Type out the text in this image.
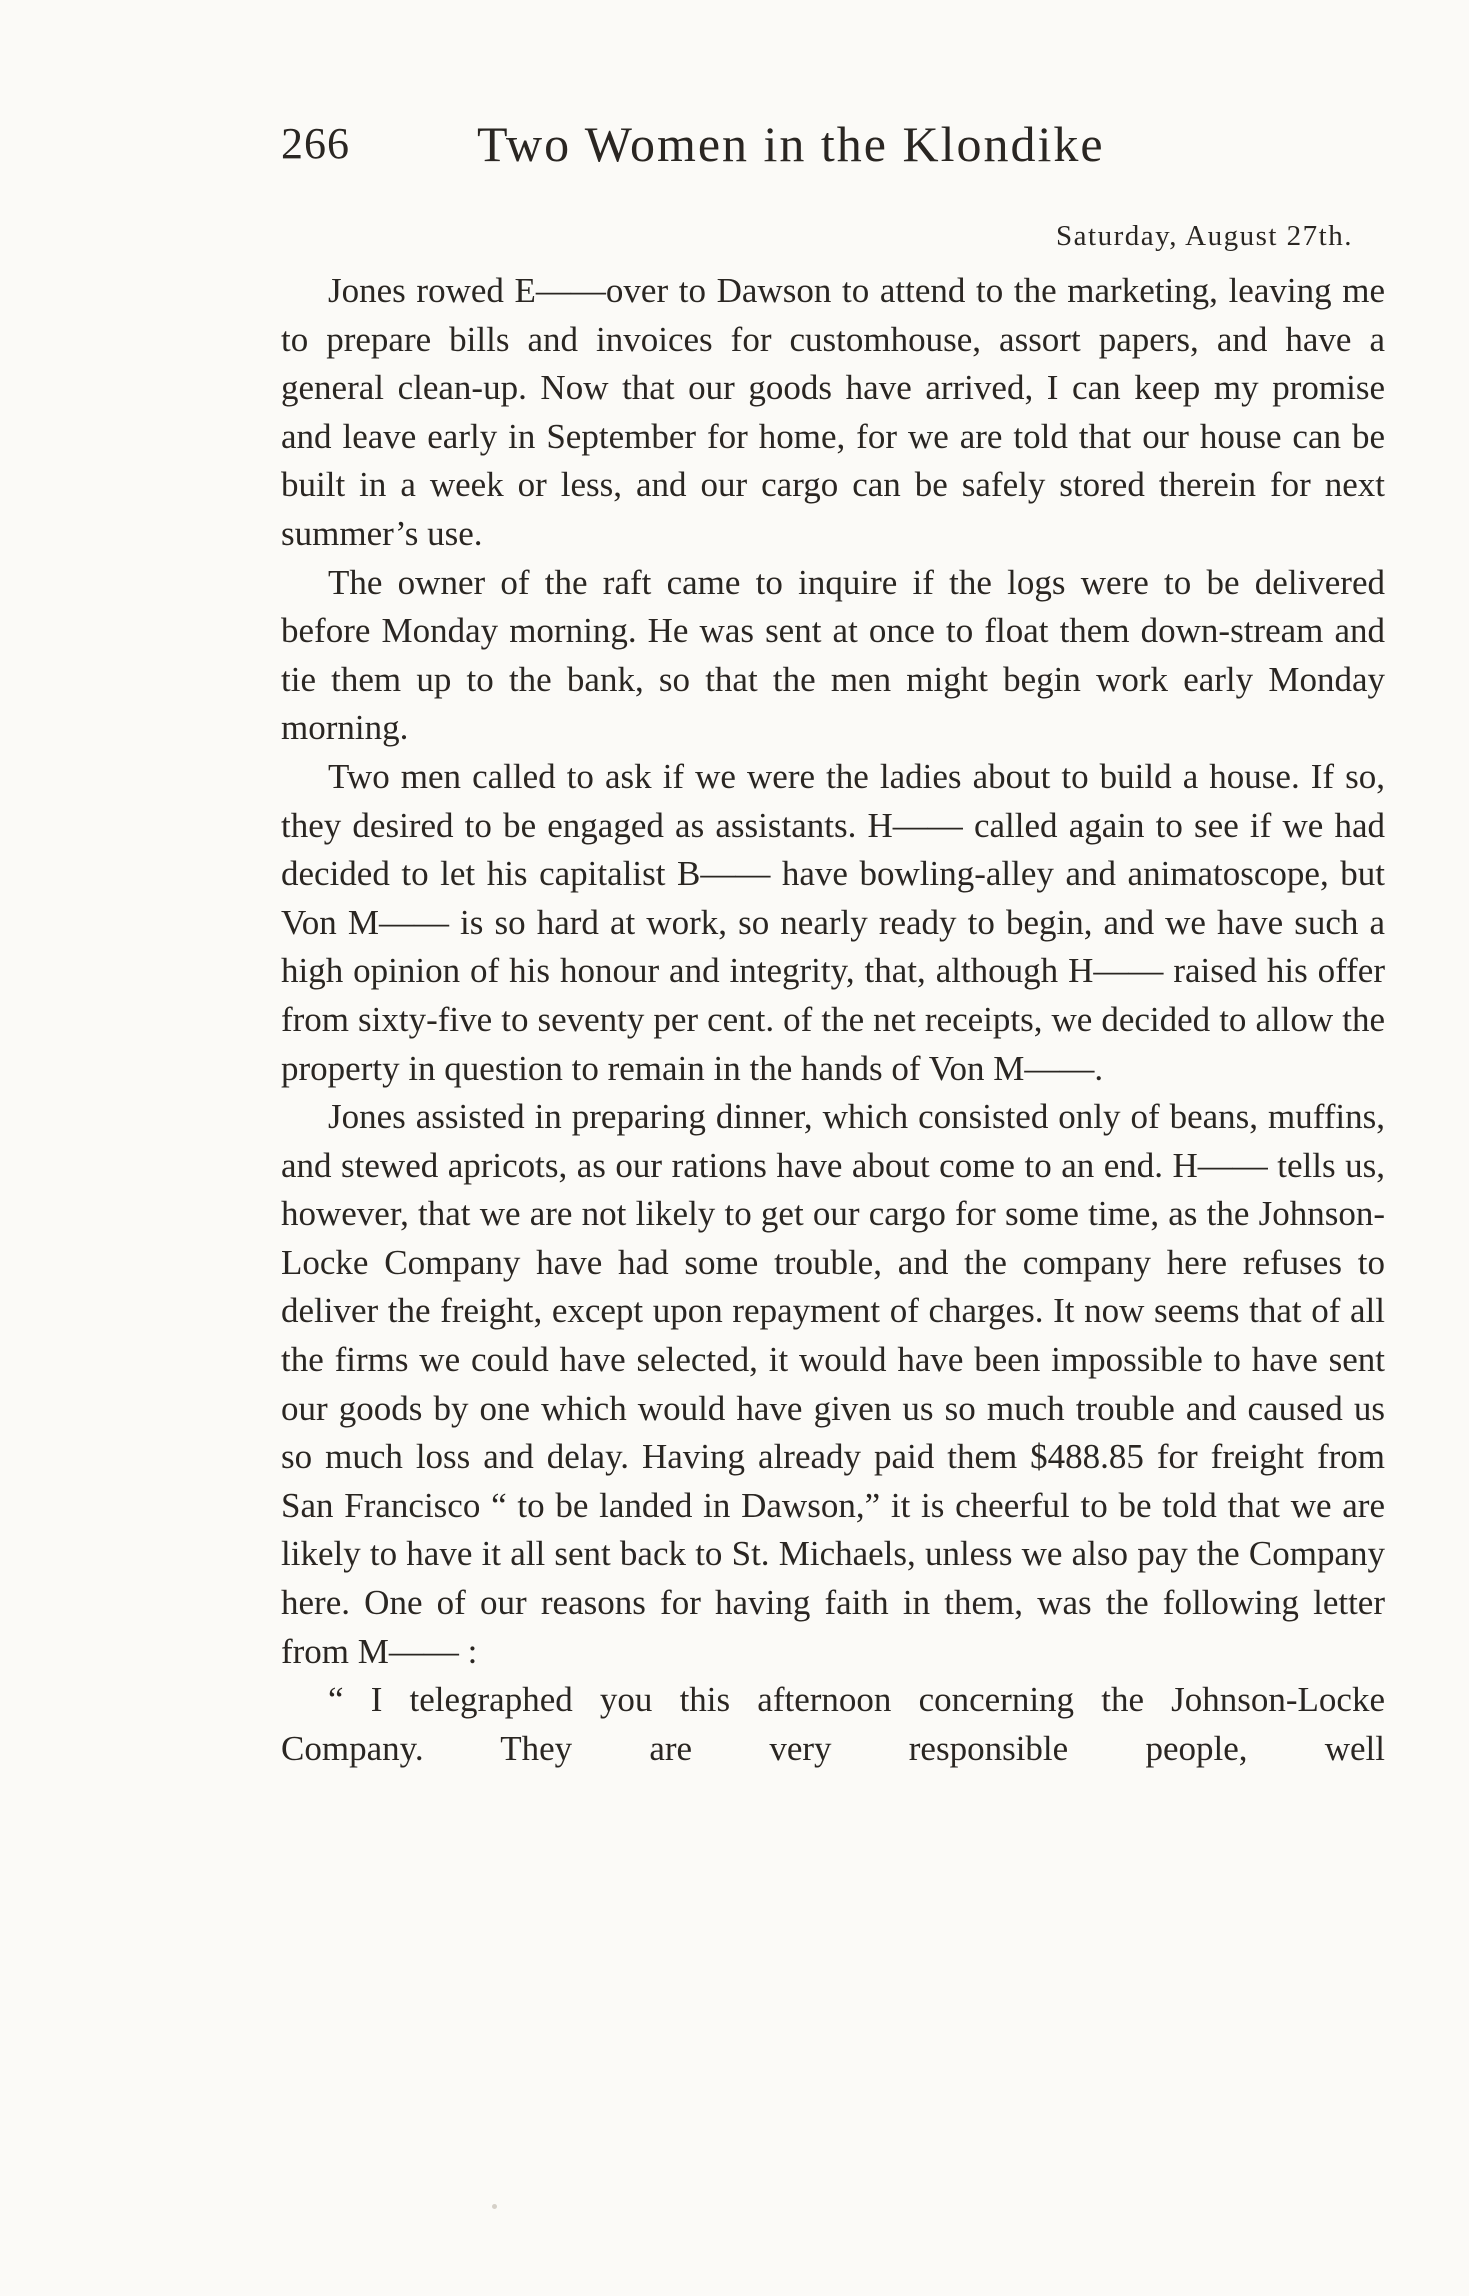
266	Two Women in the Klondike
Saturday, August 27th.

Jones rowed E——over to Dawson to attend to the marketing, leaving me to prepare bills and invoices for customhouse, assort papers, and have a general clean-up. Now that our goods have arrived, I can keep my promise and leave early in September for home, for we are told that our house can be built in a week or less, and our cargo can be safely stored therein for next summer’s use.

The owner of the raft came to inquire if the logs were to be delivered before Monday morning. He was sent at once to float them down-stream and tie them up to the bank, so that the men might begin work early Monday morning.

Two men called to ask if we were the ladies about to build a house. If so, they desired to be engaged as assistants. H—— called again to see if we had decided to let his capitalist B—— have bowling-alley and animatoscope, but Von M—— is so hard at work, so nearly ready to begin, and we have such a high opinion of his honour and integrity, that, although H—— raised his offer from sixty-five to seventy per cent. of the net receipts, we decided to allow the property in question to remain in the hands of Von M——.

Jones assisted in preparing dinner, which consisted only of beans, muffins, and stewed apricots, as our rations have about come to an end. H—— tells us, however, that we are not likely to get our cargo for some time, as the Johnson-Locke Company have had some trouble, and the company here refuses to deliver the freight, except upon repayment of charges. It now seems that of all the firms we could have selected, it would have been impossible to have sent our goods by one which would have given us so much trouble and caused us so much loss and delay. Having already paid them $488.85 for freight from San Francisco “ to be landed in Dawson,” it is cheerful to be told that we are likely to have it all sent back to St. Michaels, unless we also pay the Company here. One of our reasons for having faith in them, was the following letter from M—— :

“ I telegraphed you this afternoon concerning the Johnson-Locke Company. They are very responsible people, well
